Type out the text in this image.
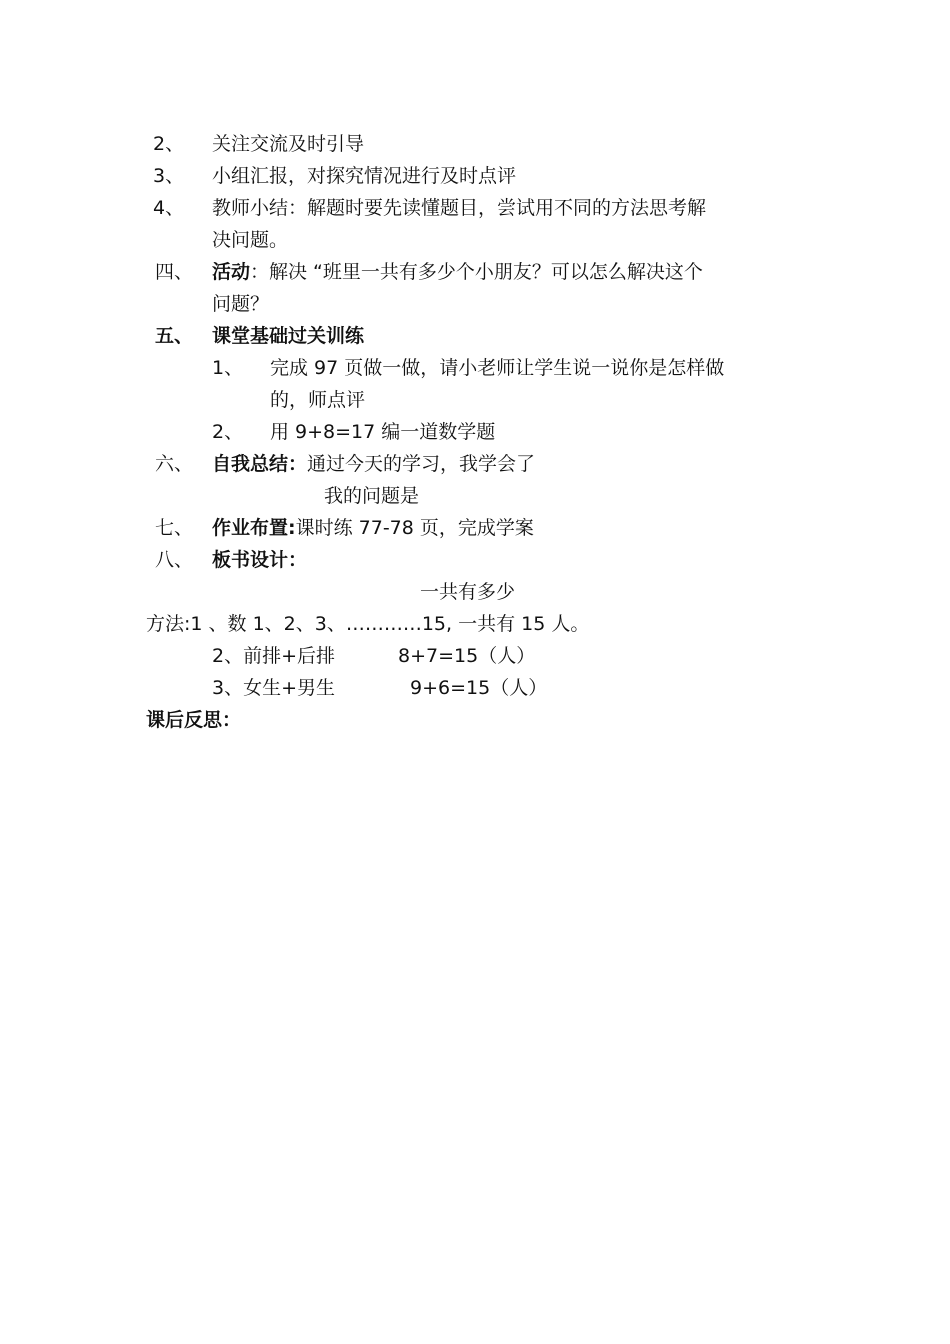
2、 关注交流及时引导
3、 小组汇报，对探究情况进行及时点评
4、 教师小结：解题时要先读懂题目，尝试用不同的方法思考解
决问题。
四、 活动：解决 “班里一共有多少个小朋友？可以怎么解决这个
问题？
五、 课堂基础过关训练
1、 完成 97 页做一做，请小老师让学生说一说你是怎样做
的，师点评
2、 用 9+8=17 编一道数学题
六、 自我总结：通过今天的学习，我学会了
我的问题是
七、 作业布置:课时练 77-78 页，完成学案
八、 板书设计：
一共有多少
方法:1 、数 1、2、3、…………15, 一共有 15 人。
2、前排+后排	8+7=15（人）
3、女生+男生	9+6=15（人）
课后反思：
